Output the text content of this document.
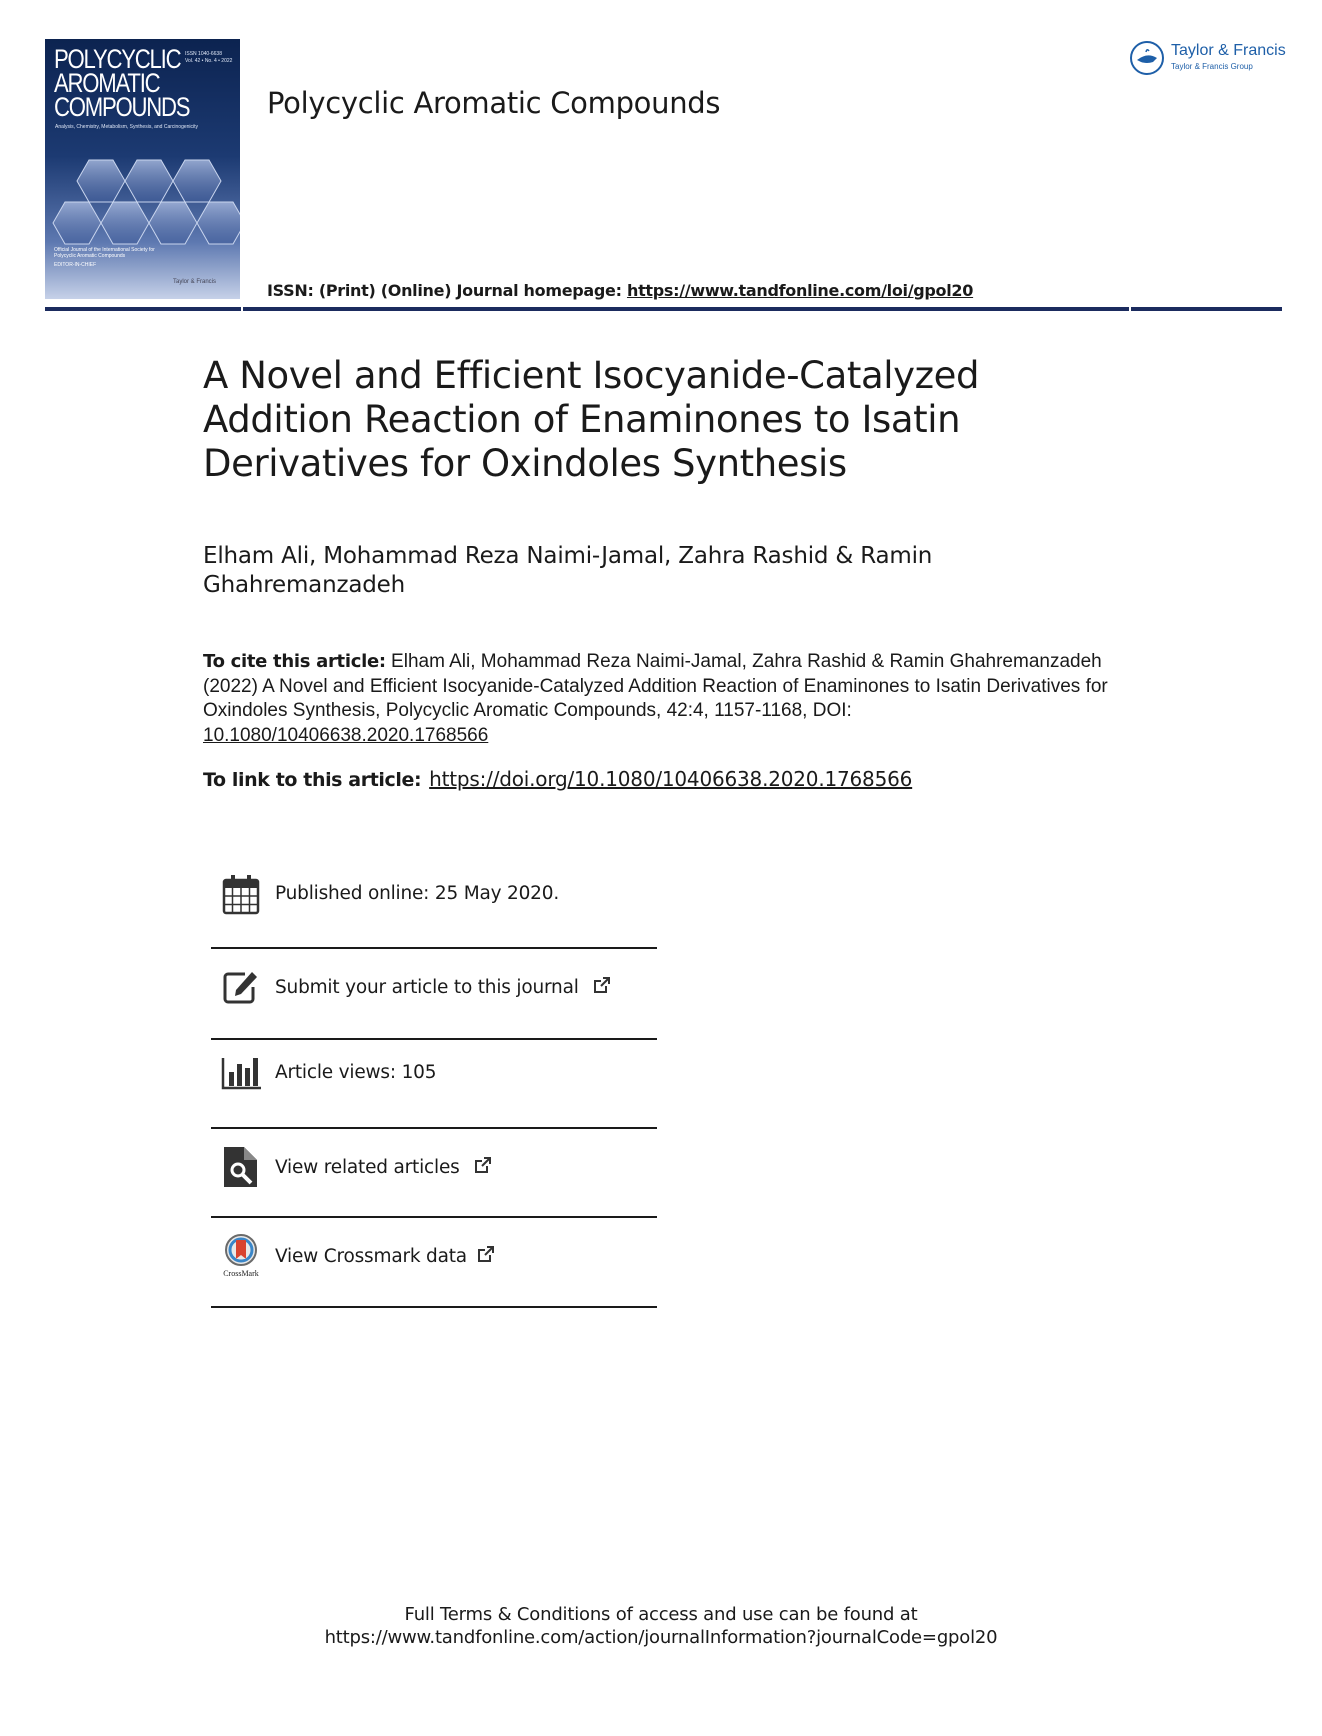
POLYCYCLIC
AROMATIC
COMPOUNDS
ISSN 1040-6638
Vol. 42 • No. 4 • 2022
Analysis, Chemistry, Metabolism, Synthesis, and Carcinogenicity
Official Journal of the International Society for Polycyclic Aromatic Compounds
EDITOR-IN-CHIEF
Taylor & Francis
Polycyclic Aromatic Compounds
ISSN: (Print) (Online) Journal homepage: https://www.tandfonline.com/loi/gpol20
Taylor & Francis
Taylor & Francis Group
A Novel and Efficient Isocyanide-Catalyzed Addition Reaction of Enaminones to Isatin Derivatives for Oxindoles Synthesis
Elham Ali, Mohammad Reza Naimi-Jamal, Zahra Rashid & Ramin Ghahremanzadeh
To cite this article: Elham Ali, Mohammad Reza Naimi-Jamal, Zahra Rashid & Ramin Ghahremanzadeh (2022) A Novel and Efficient Isocyanide-Catalyzed Addition Reaction of Enaminones to Isatin Derivatives for Oxindoles Synthesis, Polycyclic Aromatic Compounds, 42:4, 1157-1168, DOI: 10.1080/10406638.2020.1768566
To link to this article: https://doi.org/10.1080/10406638.2020.1768566
Published online: 25 May 2020.
Submit your article to this journal
Article views: 105
View related articles
CrossMark
View Crossmark data
Full Terms & Conditions of access and use can be found at
https://www.tandfonline.com/action/journalInformation?journalCode=gpol20
